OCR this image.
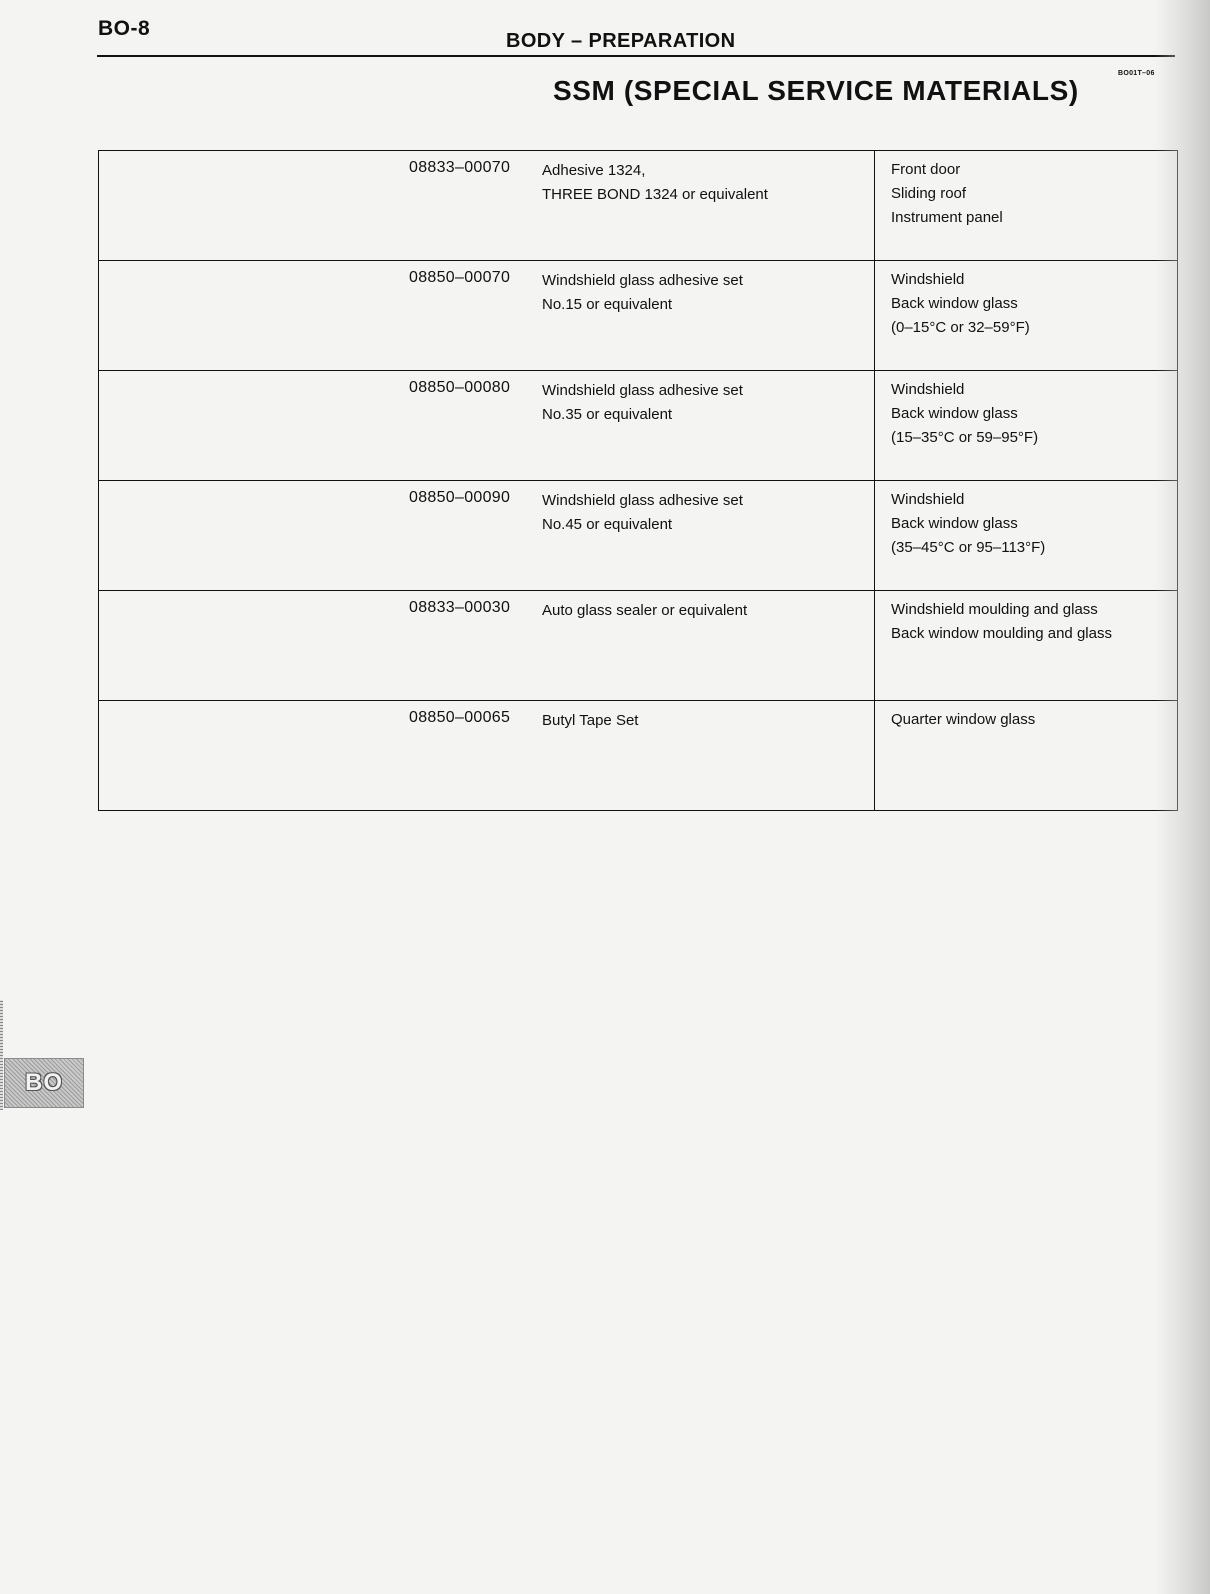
BO-8
BODY – PREPARATION
BO01T–06
SSM (SPECIAL SERVICE MATERIALS)
08833–00070 Adhesive 1324,
THREE BOND 1324 or equivalent	Front door
Sliding roof
Instrument panel

08850–00070 Windshield glass adhesive set
No.15 or equivalent	Windshield
Back window glass
(0–15°C or 32–59°F)

08850–00080 Windshield glass adhesive set
No.35 or equivalent	Windshield
Back window glass
(15–35°C or 59–95°F)

08850–00090 Windshield glass adhesive set
No.45 or equivalent	Windshield
Back window glass
(35–45°C or 95–113°F)

08833–00030 Auto glass sealer or equivalent	Windshield moulding and glass
Back window moulding and glass

08850–00065 Butyl Tape Set	Quarter window glass
BO
